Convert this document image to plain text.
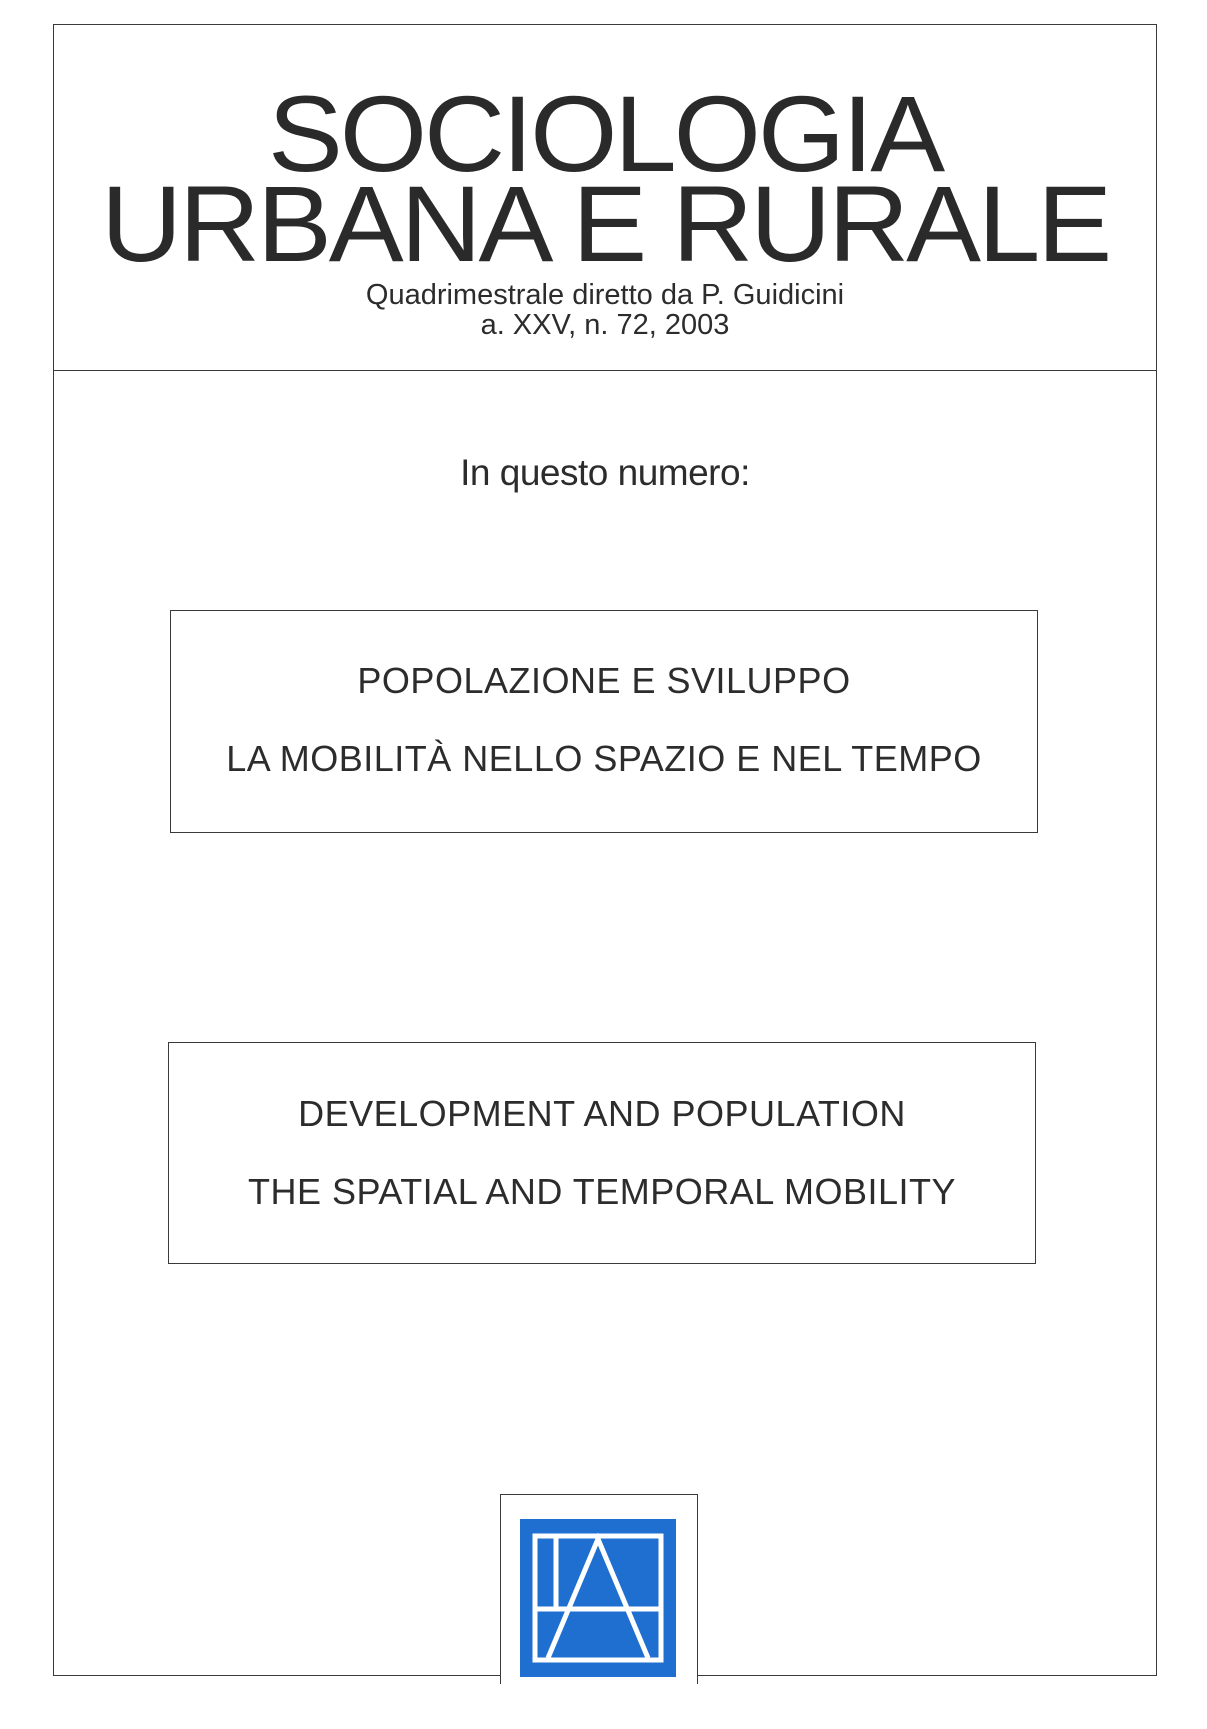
SOCIOLOGIA
URBANA E RURALE
Quadrimestrale diretto da P. Guidicini
a. XXV, n. 72, 2003
In questo numero:
POPOLAZIONE E SVILUPPO
LA MOBILITÀ NELLO SPAZIO E NEL TEMPO
DEVELOPMENT AND POPULATION
THE SPATIAL AND TEMPORAL MOBILITY
